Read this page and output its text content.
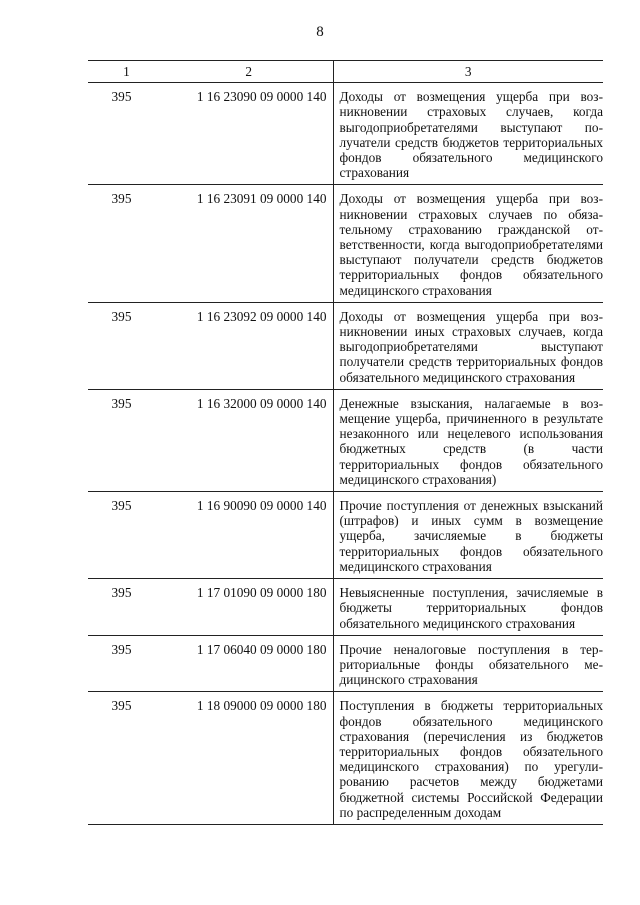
8
1	2	3
395	1 16 23090 09 0000 140	Доходы от возмещения ущерба при возникновении страховых случаев, когда выгодоприобретателями выступают получатели средств бюджетов территориальных фондов обязательного медицинского страхования
395	1 16 23091 09 0000 140	Доходы от возмещения ущерба при возникновении страховых случаев по обязательному страхованию гражданской ответственности, когда выгодоприобретателями выступают получатели средств бюджетов территориальных фондов обязательного медицинского страхования
395	1 16 23092 09 0000 140	Доходы от возмещения ущерба при возникновении иных страховых случаев, когда выгодоприобретателями выступают получатели средств территориальных фондов обязательного медицинского страхования
395	1 16 32000 09 0000 140	Денежные взыскания, налагаемые в возмещение ущерба, причиненного в результате незаконного или нецелевого использования бюджетных средств (в части территориальных фондов обязательного медицинского страхования)
395	1 16 90090 09 0000 140	Прочие поступления от денежных взысканий (штрафов) и иных сумм в возмещение ущерба, зачисляемые в бюджеты территориальных фондов обязательного медицинского страхования
395	1 17 01090 09 0000 180	Невыясненные поступления, зачисляемые в бюджеты территориальных фондов обязательного медицинского страхования
395	1 17 06040 09 0000 180	Прочие неналоговые поступления в территориальные фонды обязательного медицинского страхования
395	1 18 09000 09 0000 180	Поступления в бюджеты территориальных фондов обязательного медицинского страхования (перечисления из бюджетов территориальных фондов обязательного медицинского страхования) по урегулированию расчетов между бюджетами бюджетной системы Российской Федерации по распределенным доходам
